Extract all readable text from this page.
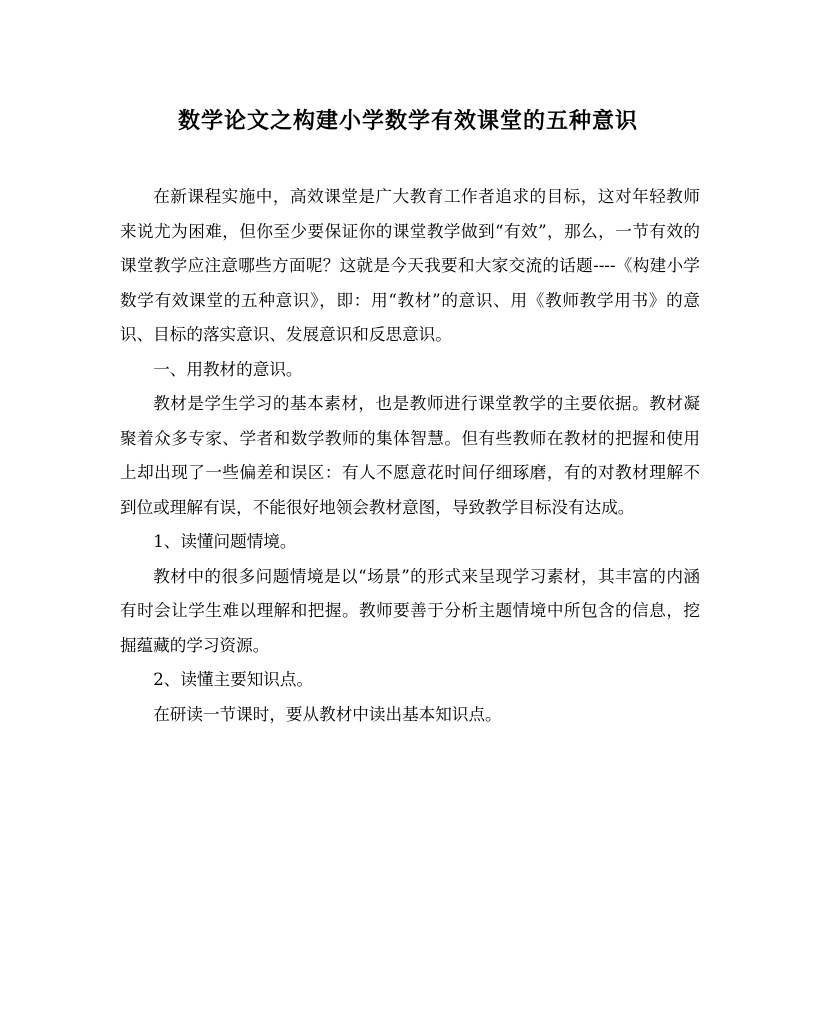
数学论文之构建小学数学有效课堂的五种意识

在新课程实施中，高效课堂是广大教育工作者追求的目标，这对年轻教师来说尤为困难，但你至少要保证你的课堂教学做到“有效”，那么，一节有效的课堂教学应注意哪些方面呢？这就是今天我要和大家交流的话题----《构建小学数学有效课堂的五种意识》，即：用“教材”的意识、用《教师教学用书》的意识、目标的落实意识、发展意识和反思意识。

一、用教材的意识。

教材是学生学习的基本素材，也是教师进行课堂教学的主要依据。教材凝聚着众多专家、学者和数学教师的集体智慧。但有些教师在教材的把握和使用上却出现了一些偏差和误区：有人不愿意花时间仔细琢磨，有的对教材理解不到位或理解有误，不能很好地领会教材意图，导致教学目标没有达成。

1、读懂问题情境。

教材中的很多问题情境是以“场景”的形式来呈现学习素材，其丰富的内涵有时会让学生难以理解和把握。教师要善于分析主题情境中所包含的信息，挖掘蕴藏的学习资源。

2、读懂主要知识点。

在研读一节课时，要从教材中读出基本知识点。
